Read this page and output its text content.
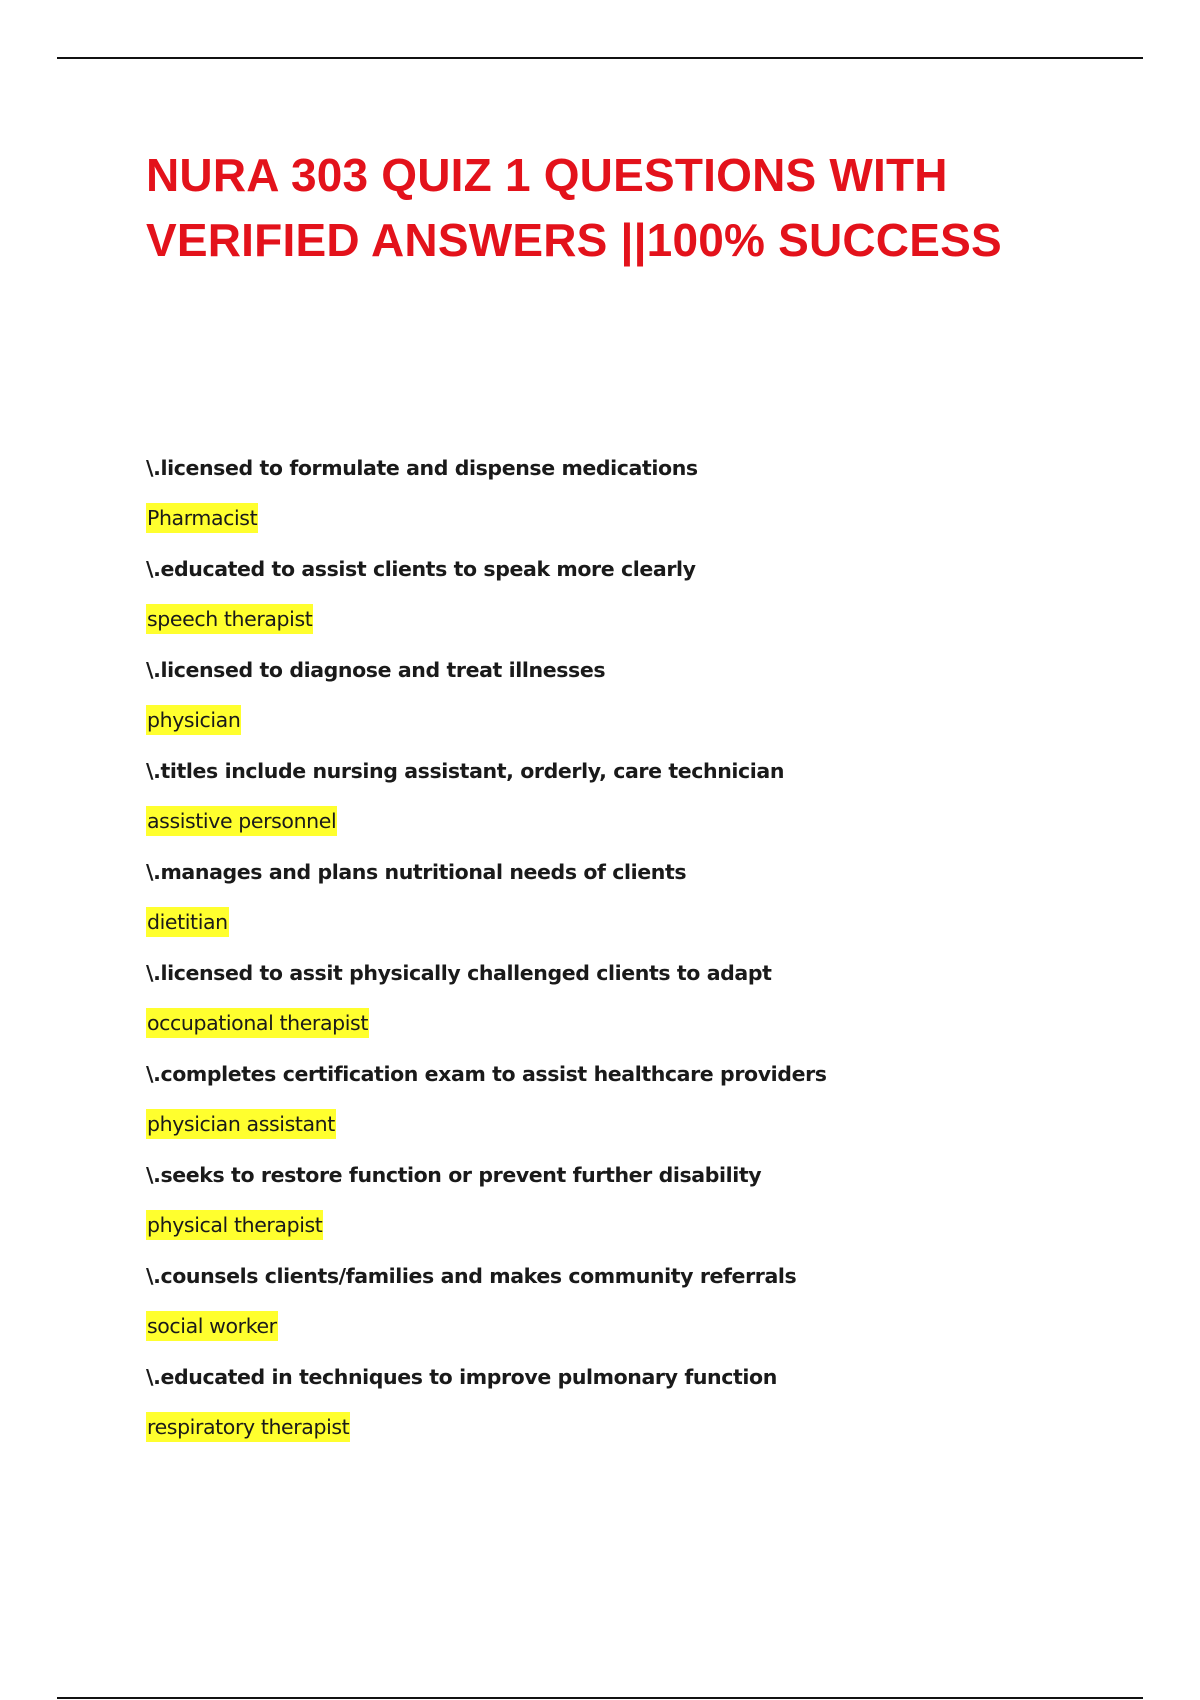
NURA 303 QUIZ 1 QUESTIONS WITH
VERIFIED ANSWERS ||100% SUCCESS
\.licensed to formulate and dispense medications
Pharmacist
\.educated to assist clients to speak more clearly
speech therapist
\.licensed to diagnose and treat illnesses
physician
\.titles include nursing assistant, orderly, care technician
assistive personnel
\.manages and plans nutritional needs of clients
dietitian
\.licensed to assit physically challenged clients to adapt
occupational therapist
\.completes certification exam to assist healthcare providers
physician assistant
\.seeks to restore function or prevent further disability
physical therapist
\.counsels clients/families and makes community referrals
social worker
\.educated in techniques to improve pulmonary function
respiratory therapist
